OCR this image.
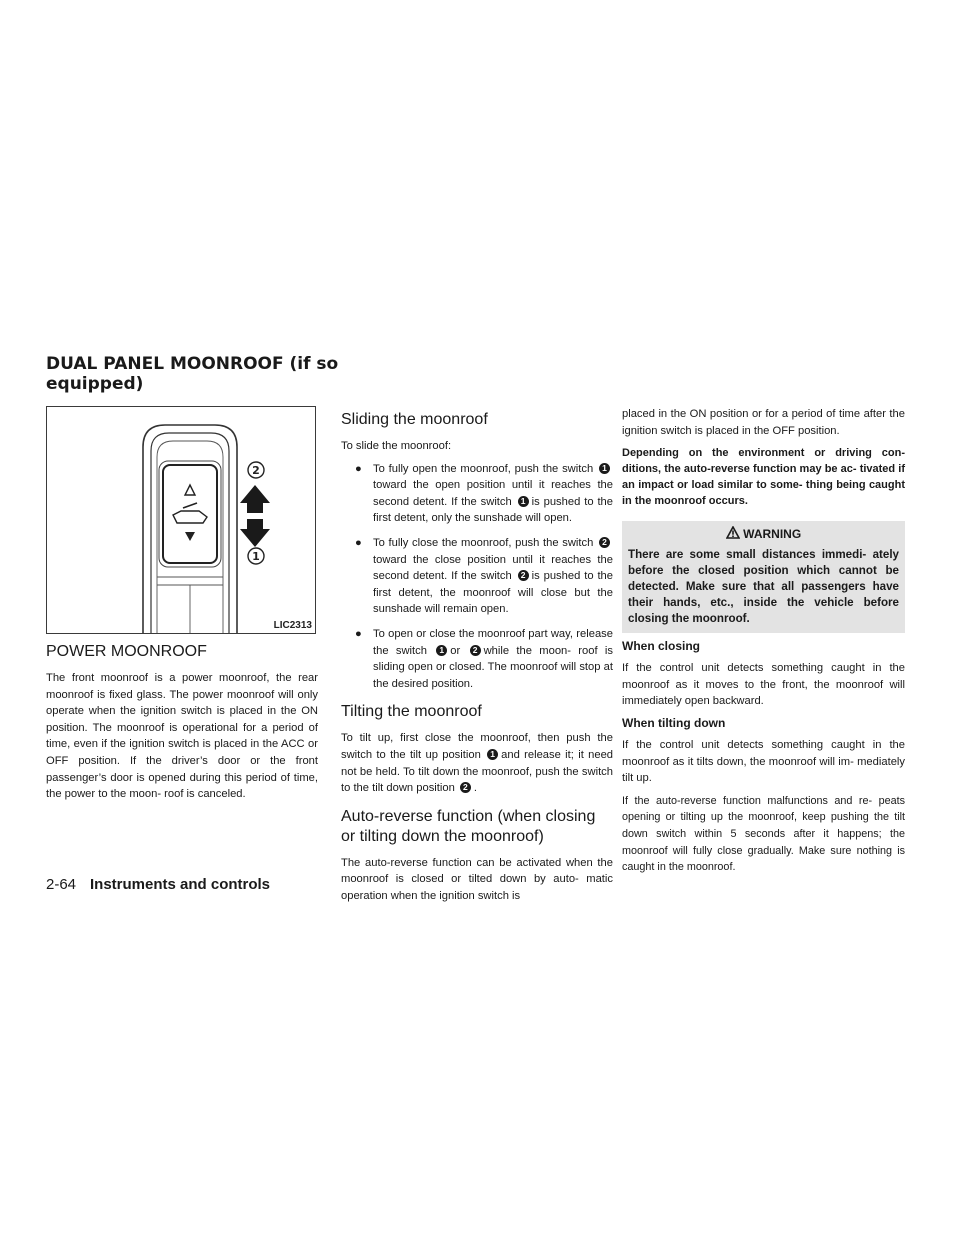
DUAL PANEL MOONROOF (if so equipped)
2
1
LIC2313
POWER MOONROOF

The front moonroof is a power moonroof, the rear moonroof is fixed glass. The power moonroof will only operate when the ignition switch is placed in the ON position. The moonroof is operational for a period of time, even if the ignition switch is placed in the ACC or OFF position. If the driver’s door or the front passenger’s door is opened during this period of time, the power to the moon- roof is canceled.

Sliding the moonroof

To slide the moonroof:

● To fully open the moonroof, push the switch 1toward the open position until it reaches the second detent. If the switch 1 is pushed to the first detent, only the sunshade will open.
● To fully close the moonroof, push the switch 2toward the close position until it reaches the second detent. If the switch 2 is pushed to the first detent, the moonroof will close but the sunshade will remain open.
● To open or close the moonroof part way, release the switch 1 or 2 while the moon- roof is sliding open or closed. The moonroof will stop at the desired position.
Tilting the moonroof

To tilt up, first close the moonroof, then push the switch to the tilt up position 1 and release it; it need not be held. To tilt down the moonroof, push the switch to the tilt down position 2 .

Auto-reverse function (when closing or tilting down the moonroof)

The auto-reverse function can be activated when the moonroof is closed or tilted down by auto- matic operation when the ignition switch is

placed in the ON position or for a period of time after the ignition switch is placed in the OFF position.

Depending on the environment or driving con- ditions, the auto-reverse function may be ac- tivated if an impact or load similar to some- thing being caught in the moonroof occurs.

WARNING
There are some small distances immedi- ately before the closed position which cannot be detected. Make sure that all passengers have their hands, etc., inside the vehicle before closing the moonroof.
When closing

If the control unit detects something caught in the moonroof as it moves to the front, the moonroof will immediately open backward.

When tilting down

If the control unit detects something caught in the moonroof as it tilts down, the moonroof will im- mediately tilt up.

If the auto-reverse function malfunctions and re- peats opening or tilting up the moonroof, keep pushing the tilt down switch within 5 seconds after it happens; the moonroof will fully close gradually. Make sure nothing is caught in the moonroof.

2-64 Instruments and controls
